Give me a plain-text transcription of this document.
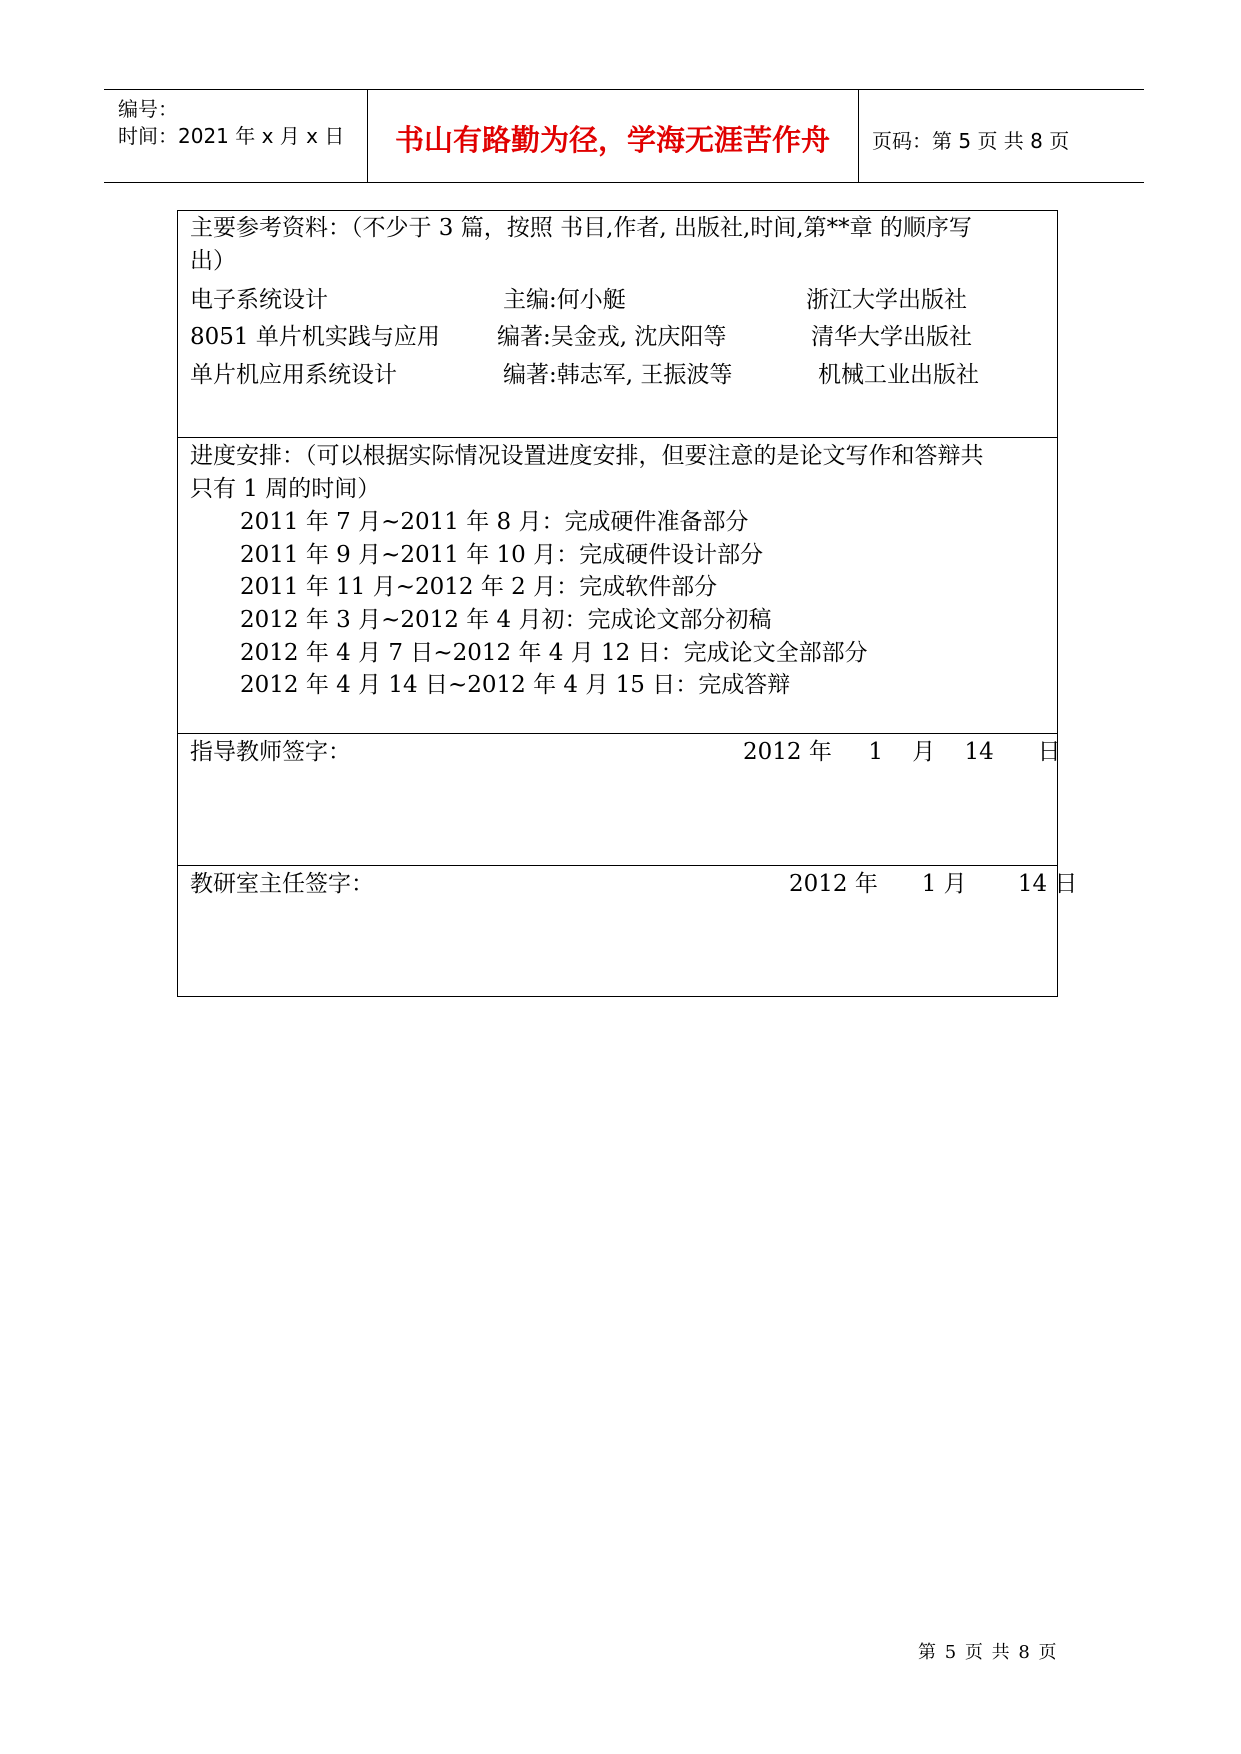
编号：
时间：2021 年 x 月 x 日	书山有路勤为径，学海无涯苦作舟	页码：第 5 页 共 8 页
主要参考资料：（不少于 3 篇，按照 书目,作者, 出版社,时间,第**章 的顺序写
出）
电子系统设计	主编:何小艇	浙江大学出版社
8051 单片机实践与应用 编著:吴金戎, 沈庆阳等	清华大学出版社
单片机应用系统设计	编著:韩志军, 王振波等	机械工业出版社
进度安排：（可以根据实际情况设置进度安排，但要注意的是论文写作和答辩共
只有 1 周的时间）
2011 年 7 月~2011 年 8 月：完成硬件准备部分
2011 年 9 月~2011 年 10 月：完成硬件设计部分
2011 年 11 月~2012 年 2 月：完成软件部分
2012 年 3 月~2012 年 4 月初：完成论文部分初稿
2012 年 4 月 7 日~2012 年 4 月 12 日：完成论文全部部分
2012 年 4 月 14 日~2012 年 4 月 15 日：完成答辩
指导教师签字：	2012 年     1    月    14      日
教研室主任签字：	2012 年      1 月       14 日
第 5 页 共 8 页
